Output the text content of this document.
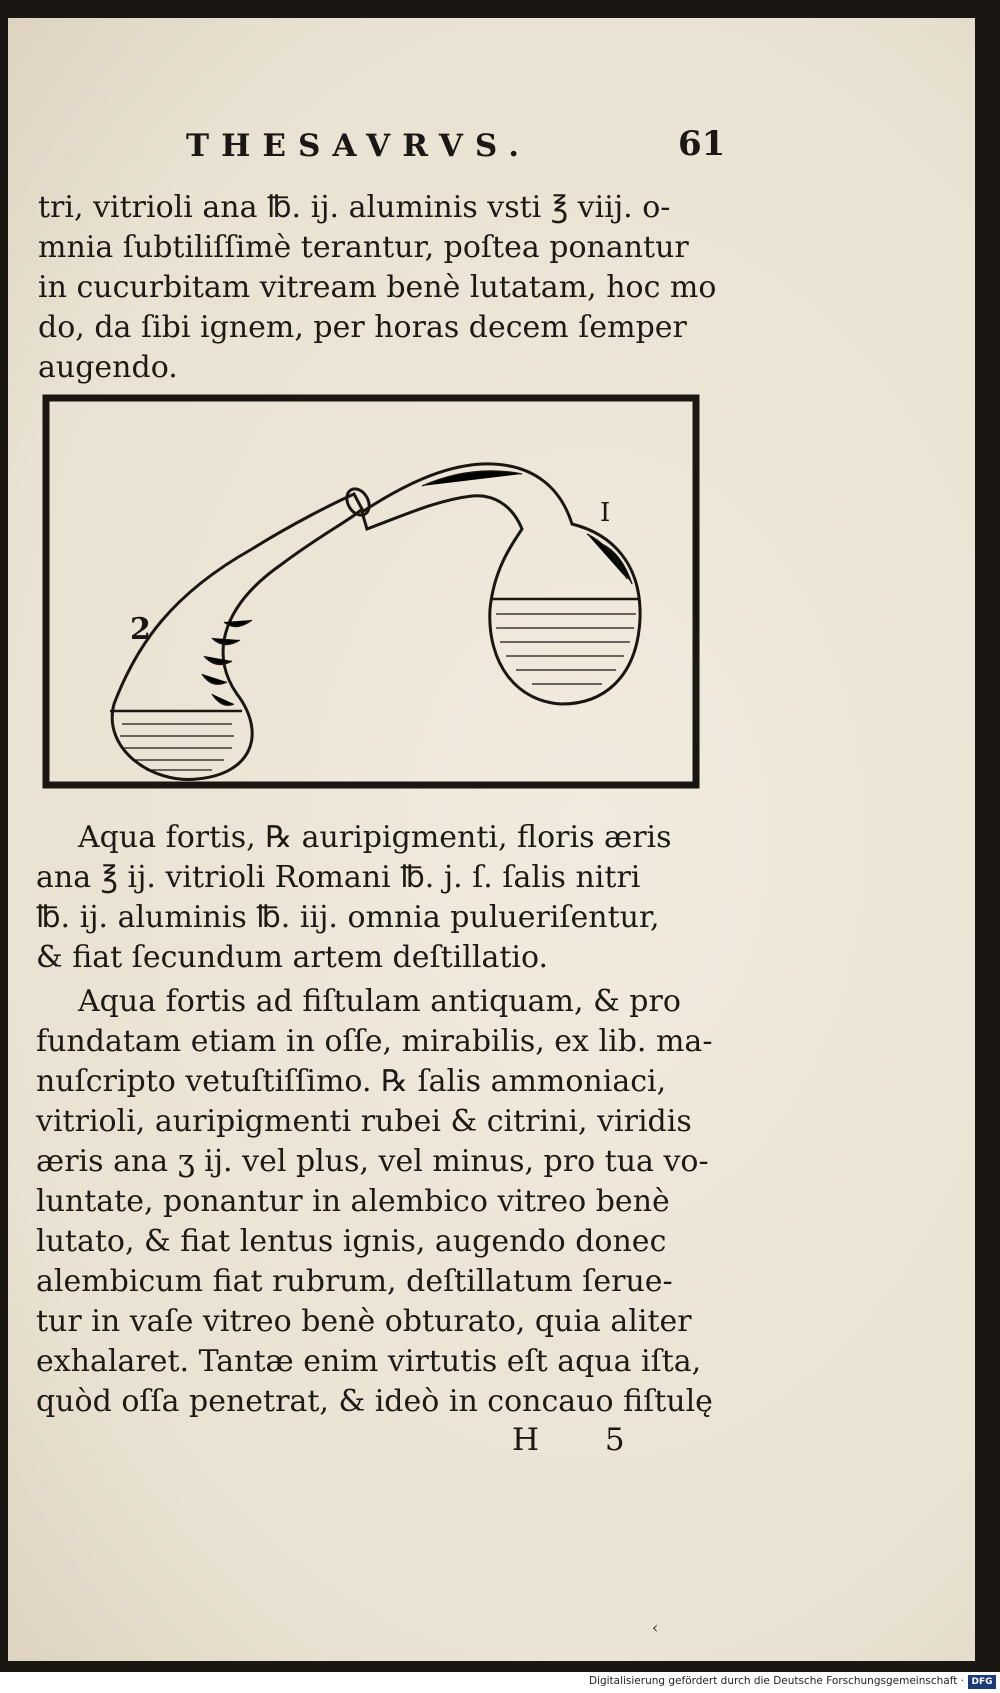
THESAVRVS.	61
tri, vitrioli ana ℔. ij. aluminis vsti ℥ viij. o-
mnia ſubtiliſſimè terantur, poſtea ponantur
in cucurbitam vitream benè lutatam, hoc mo
do, da ſibi ignem, per horas decem ſemper
augendo.
2
I
Aqua fortis, ℞ auripigmenti, floris æris
ana ℥ ij. vitrioli Romani ℔. j. ſ. ſalis nitri
℔. ij. aluminis ℔. iij. omnia pulueriſentur,
& fiat ſecundum artem deſtillatio.
Aqua fortis ad fiſtulam antiquam, & pro
fundatam etiam in oſſe, mirabilis, ex lib. ma-
nuſcripto vetuſtiſſimo. ℞ ſalis ammoniaci,
vitrioli, auripigmenti rubei & citrini, viridis
æris ana ʒ ij. vel plus, vel minus, pro tua vo-
luntate, ponantur in alembico vitreo benè
lutato, & fiat lentus ignis, augendo donec
alembicum fiat rubrum, deſtillatum ſerue-
tur in vaſe vitreo benè obturato, quia aliter
exhalaret. Tantæ enim virtutis eſt aqua iſta,
quòd oſſa penetrat, & ideò in concauo fiſtulę
H 5
‹
Digitalisierung gefördert durch die Deutsche Forschungsgemeinschaft · DFG
